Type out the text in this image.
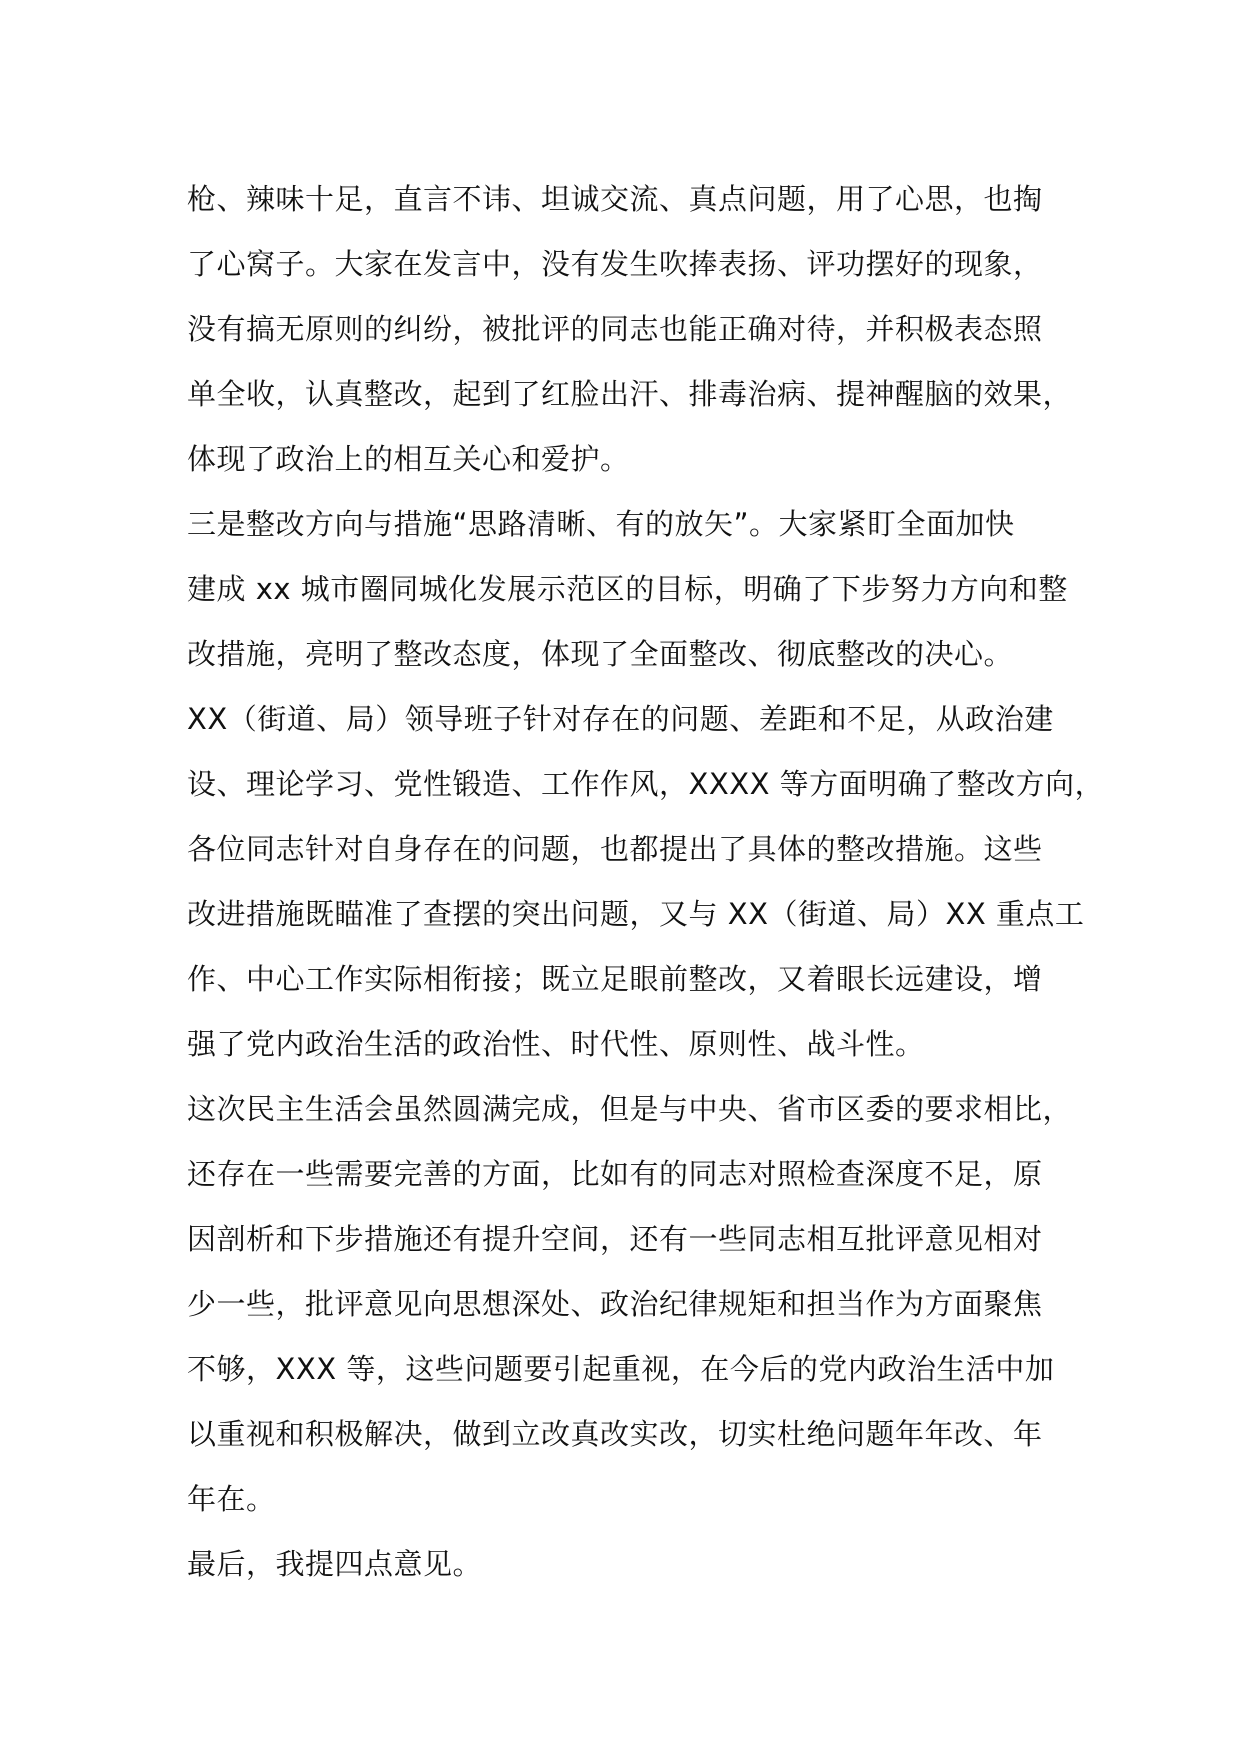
枪、辣味十足，直言不讳、坦诚交流、真点问题，用了心思，也掏
了心窝子。大家在发言中，没有发生吹捧表扬、评功摆好的现象，
没有搞无原则的纠纷，被批评的同志也能正确对待，并积极表态照
单全收，认真整改，起到了红脸出汗、排毒治病、提神醒脑的效果，
体现了政治上的相互关心和爱护。
三是整改方向与措施“思路清晰、有的放矢”。大家紧盯全面加快
建成 xx 城市圈同城化发展示范区的目标，明确了下步努力方向和整
改措施，亮明了整改态度，体现了全面整改、彻底整改的决心。
XX（街道、局）领导班子针对存在的问题、差距和不足，从政治建
设、理论学习、党性锻造、工作作风，XXXX 等方面明确了整改方向，
各位同志针对自身存在的问题，也都提出了具体的整改措施。这些
改进措施既瞄准了查摆的突出问题，又与 XX（街道、局）XX 重点工
作、中心工作实际相衔接；既立足眼前整改，又着眼长远建设，增
强了党内政治生活的政治性、时代性、原则性、战斗性。
这次民主生活会虽然圆满完成，但是与中央、省市区委的要求相比，
还存在一些需要完善的方面，比如有的同志对照检查深度不足，原
因剖析和下步措施还有提升空间，还有一些同志相互批评意见相对
少一些，批评意见向思想深处、政治纪律规矩和担当作为方面聚焦
不够，XXX 等，这些问题要引起重视，在今后的党内政治生活中加
以重视和积极解决，做到立改真改实改，切实杜绝问题年年改、年
年在。
最后，我提四点意见。
